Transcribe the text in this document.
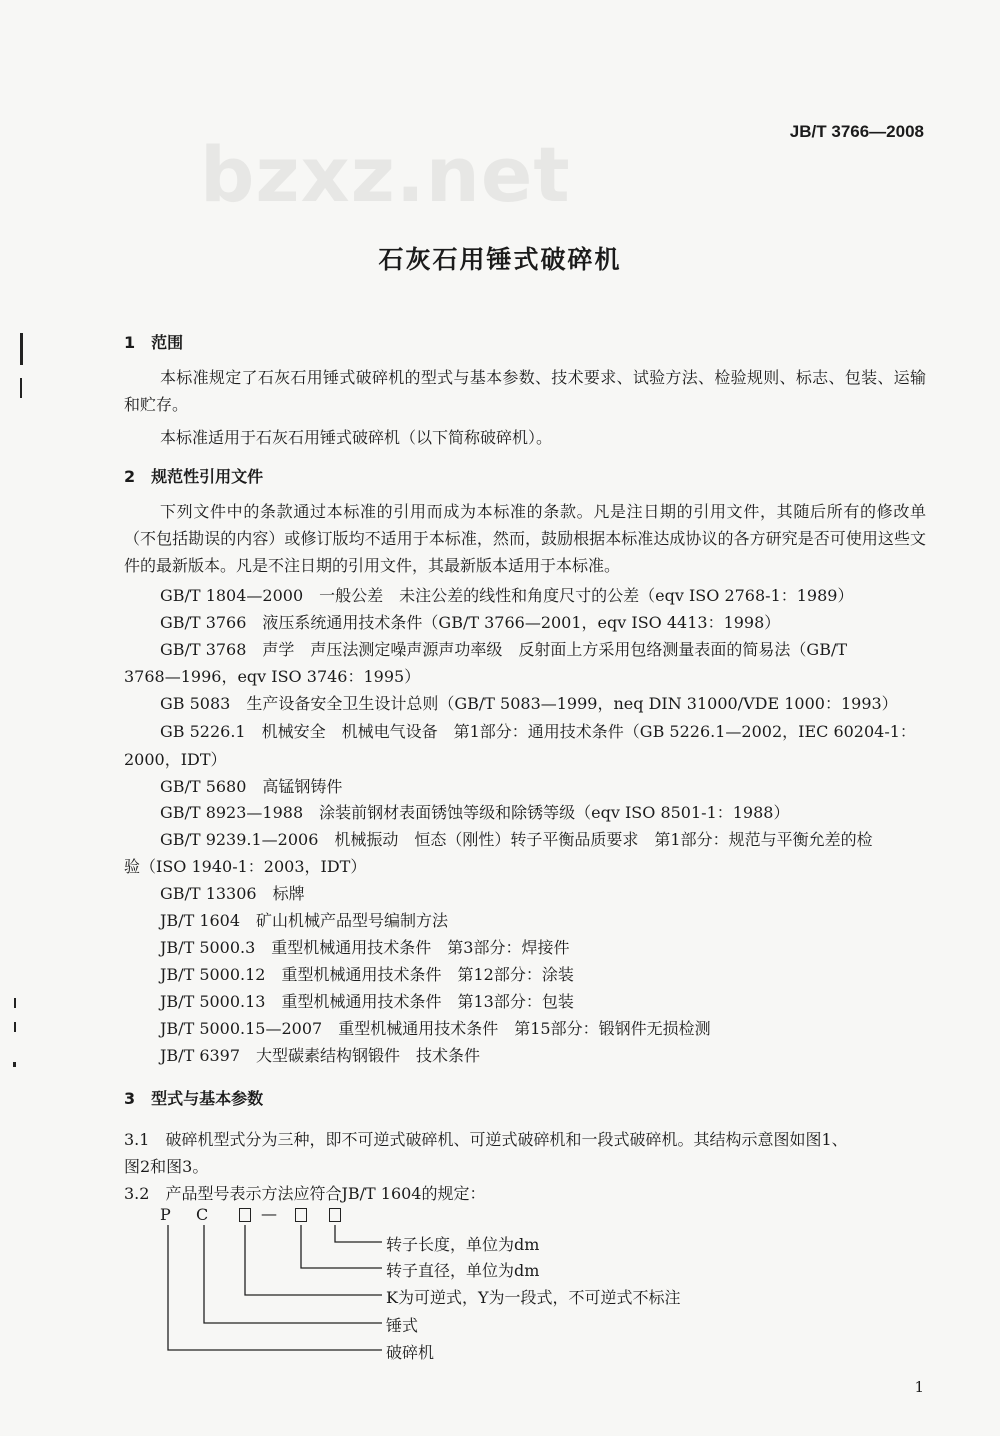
bzxz.net	JB/T 3766—2008
石灰石用锤式破碎机
1　范围
本标准规定了石灰石用锤式破碎机的型式与基本参数、技术要求、试验方法、检验规则、标志、包装、运输和贮存。
本标准适用于石灰石用锤式破碎机（以下简称破碎机）。
2　规范性引用文件
下列文件中的条款通过本标准的引用而成为本标准的条款。凡是注日期的引用文件，其随后所有的修改单（不包括勘误的内容）或修订版均不适用于本标准，然而，鼓励根据本标准达成协议的各方研究是否可使用这些文件的最新版本。凡是不注日期的引用文件，其最新版本适用于本标准。
GB/T 1804—2000　一般公差　未注公差的线性和角度尺寸的公差（eqv ISO 2768-1：1989）
GB/T 3766　液压系统通用技术条件（GB/T 3766—2001，eqv ISO 4413：1998）
GB/T 3768　声学　声压法测定噪声源声功率级　反射面上方采用包络测量表面的简易法（GB/T
3768—1996，eqv ISO 3746：1995）
GB 5083　生产设备安全卫生设计总则（GB/T 5083—1999，neq DIN 31000/VDE 1000：1993）
GB 5226.1　机械安全　机械电气设备　第1部分：通用技术条件（GB 5226.1—2002，IEC 60204-1：
2000，IDT）
GB/T 5680　高锰钢铸件
GB/T 8923—1988　涂装前钢材表面锈蚀等级和除锈等级（eqv ISO 8501-1：1988）
GB/T 9239.1—2006　机械振动　恒态（刚性）转子平衡品质要求　第1部分：规范与平衡允差的检
验（ISO 1940-1：2003，IDT）
GB/T 13306　标牌
JB/T 1604　矿山机械产品型号编制方法
JB/T 5000.3　重型机械通用技术条件　第3部分：焊接件
JB/T 5000.12　重型机械通用技术条件　第12部分：涂装
JB/T 5000.13　重型机械通用技术条件　第13部分：包装
JB/T 5000.15—2007　重型机械通用技术条件　第15部分：锻钢件无损检测
JB/T 6397　大型碳素结构钢锻件　技术条件
3　型式与基本参数
3.1　破碎机型式分为三种，即不可逆式破碎机、可逆式破碎机和一段式破碎机。其结构示意图如图1、
图2和图3。
3.2　产品型号表示方法应符合JB/T 1604的规定：
P C	—
转子长度，单位为dm
转子直径，单位为dm
K为可逆式，Y为一段式，不可逆式不标注
锤式
破碎机
1
